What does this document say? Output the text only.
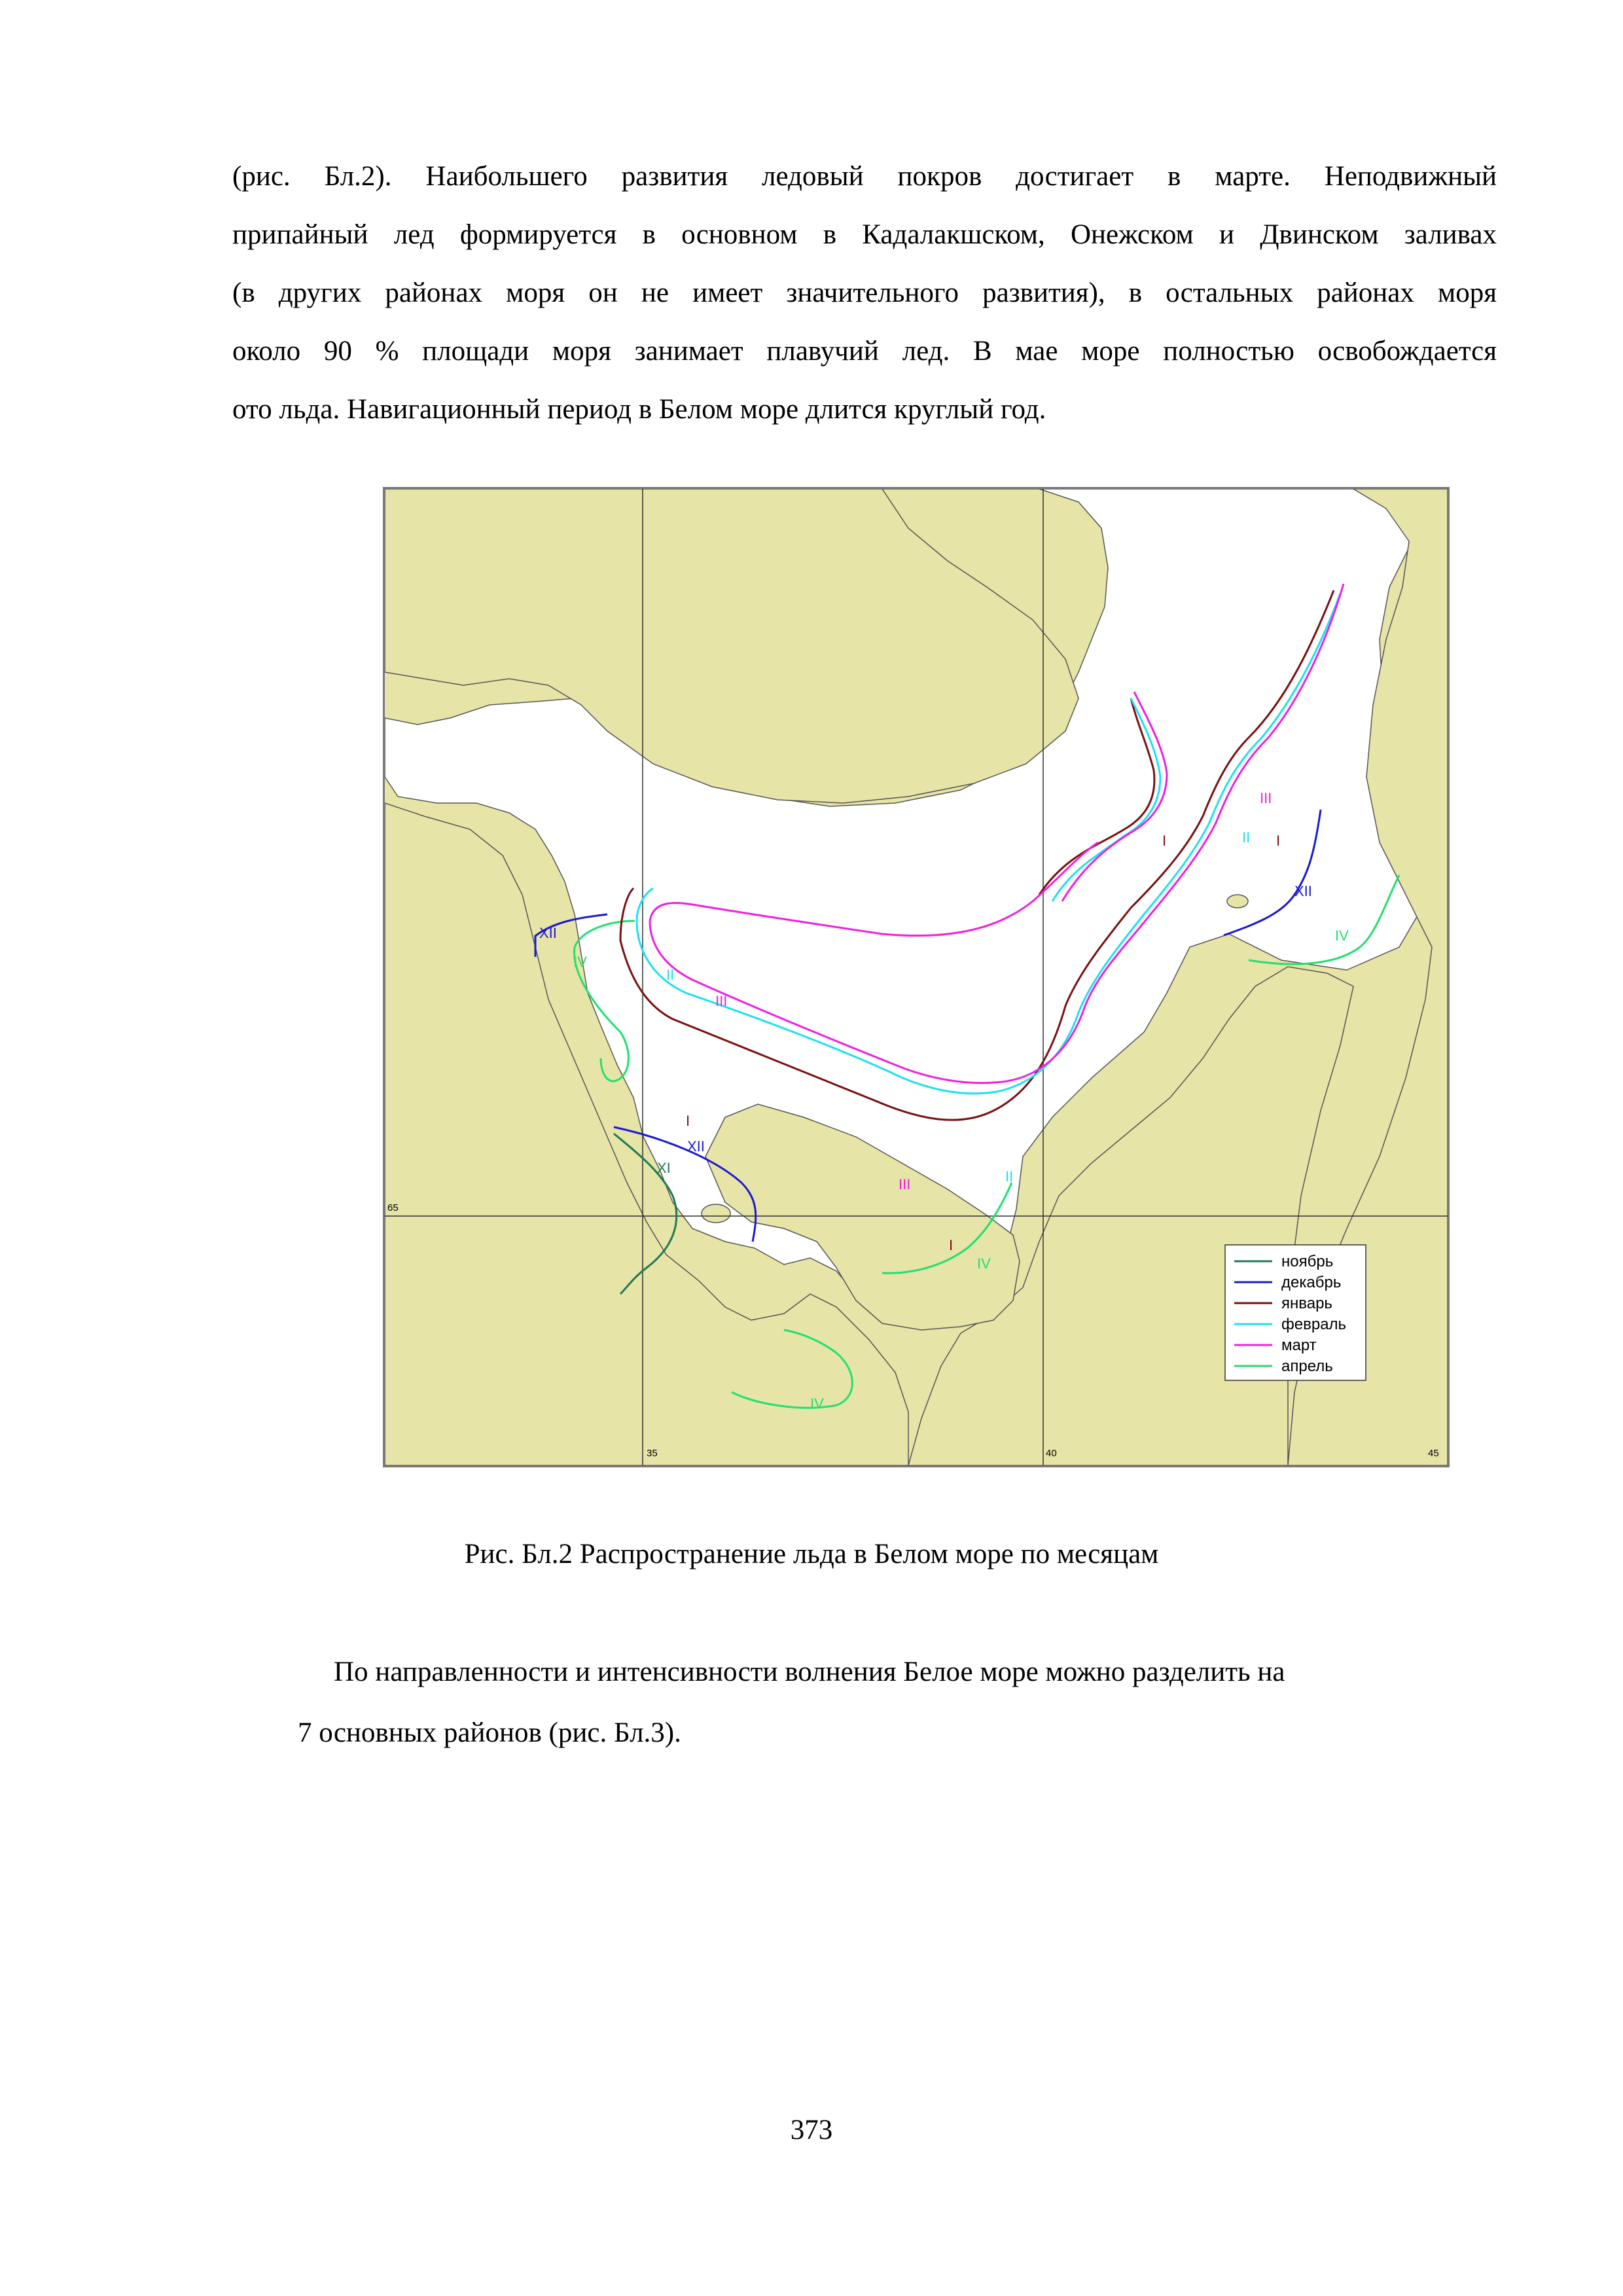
(рис. Бл.2). Наибольшего развития ледовый покров достигает в марте. Неподвижный
припайный лед формируется в основном в Кадалакшском, Онежском и Двинском заливах
(в других районах моря он не имеет значительного развития), в остальных районах моря
около 90 % площади моря занимает плавучий лед. В мае море полностью освобождается
ото льда. Навигационный период в Белом море длится круглый год.
65
35	40	45
XI
XII
XII
XII
I	I
I
I
II
II
II
III
III
III
IV
IV
IV
IV
ноябрь
декабрь
январь
февраль
март
апрель
Рис. Бл.2 Распространение льда в Белом море по месяцам
По направленности и интенсивности волнения Белое море можно разделить на
7 основных районов (рис. Бл.3).
373
